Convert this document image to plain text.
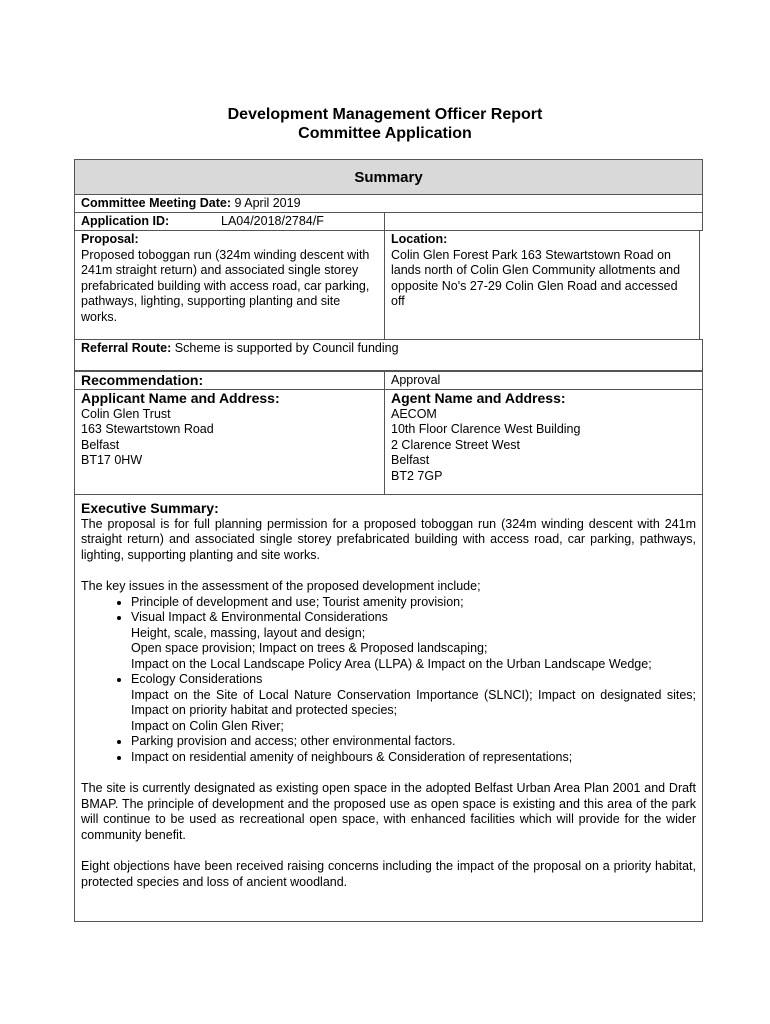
Development Management Officer Report
Committee Application
Summary
Committee Meeting Date: 9 April 2019
Application ID:	LA04/2018/2784/F
Proposal:
Proposed toboggan run (324m winding descent with 241m straight return) and associated single storey prefabricated building with access road, car parking, pathways, lighting, supporting planting and site works.
Location:
Colin Glen Forest Park 163 Stewartstown Road on lands north of Colin Glen Community allotments and opposite No's 27-29 Colin Glen Road and accessed off
Referral Route: Scheme is supported by Council funding
Recommendation:	Approval
Applicant Name and Address:
Colin Glen Trust
163 Stewartstown Road
Belfast
BT17 0HW
Agent Name and Address:
AECOM
10th Floor Clarence West Building
2 Clarence Street West
Belfast
BT2 7GP
Executive Summary:

The proposal is for full planning permission for a proposed toboggan run (324m winding descent with 241m straight return) and associated single storey prefabricated building with access road, car parking, pathways, lighting, supporting planting and site works.

The key issues in the assessment of the proposed development include;

• Principle of development and use; Tourist amenity provision;
• Visual Impact & Environmental Considerations
Height, scale, massing, layout and design;
Open space provision; Impact on trees & Proposed landscaping;
Impact on the Local Landscape Policy Area (LLPA) & Impact on the Urban Landscape Wedge;
• Ecology Considerations
Impact on the Site of Local Nature Conservation Importance (SLNCI); Impact on designated sites; Impact on priority habitat and protected species;
Impact on Colin Glen River;
• Parking provision and access; other environmental factors.
• Impact on residential amenity of neighbours & Consideration of representations;

The site is currently designated as existing open space in the adopted Belfast Urban Area Plan 2001 and Draft BMAP. The principle of development and the proposed use as open space is existing and this area of the park will continue to be used as recreational open space, with enhanced facilities which will provide for the wider community benefit.

Eight objections have been received raising concerns including the impact of the proposal on a priority habitat, protected species and loss of ancient woodland.
